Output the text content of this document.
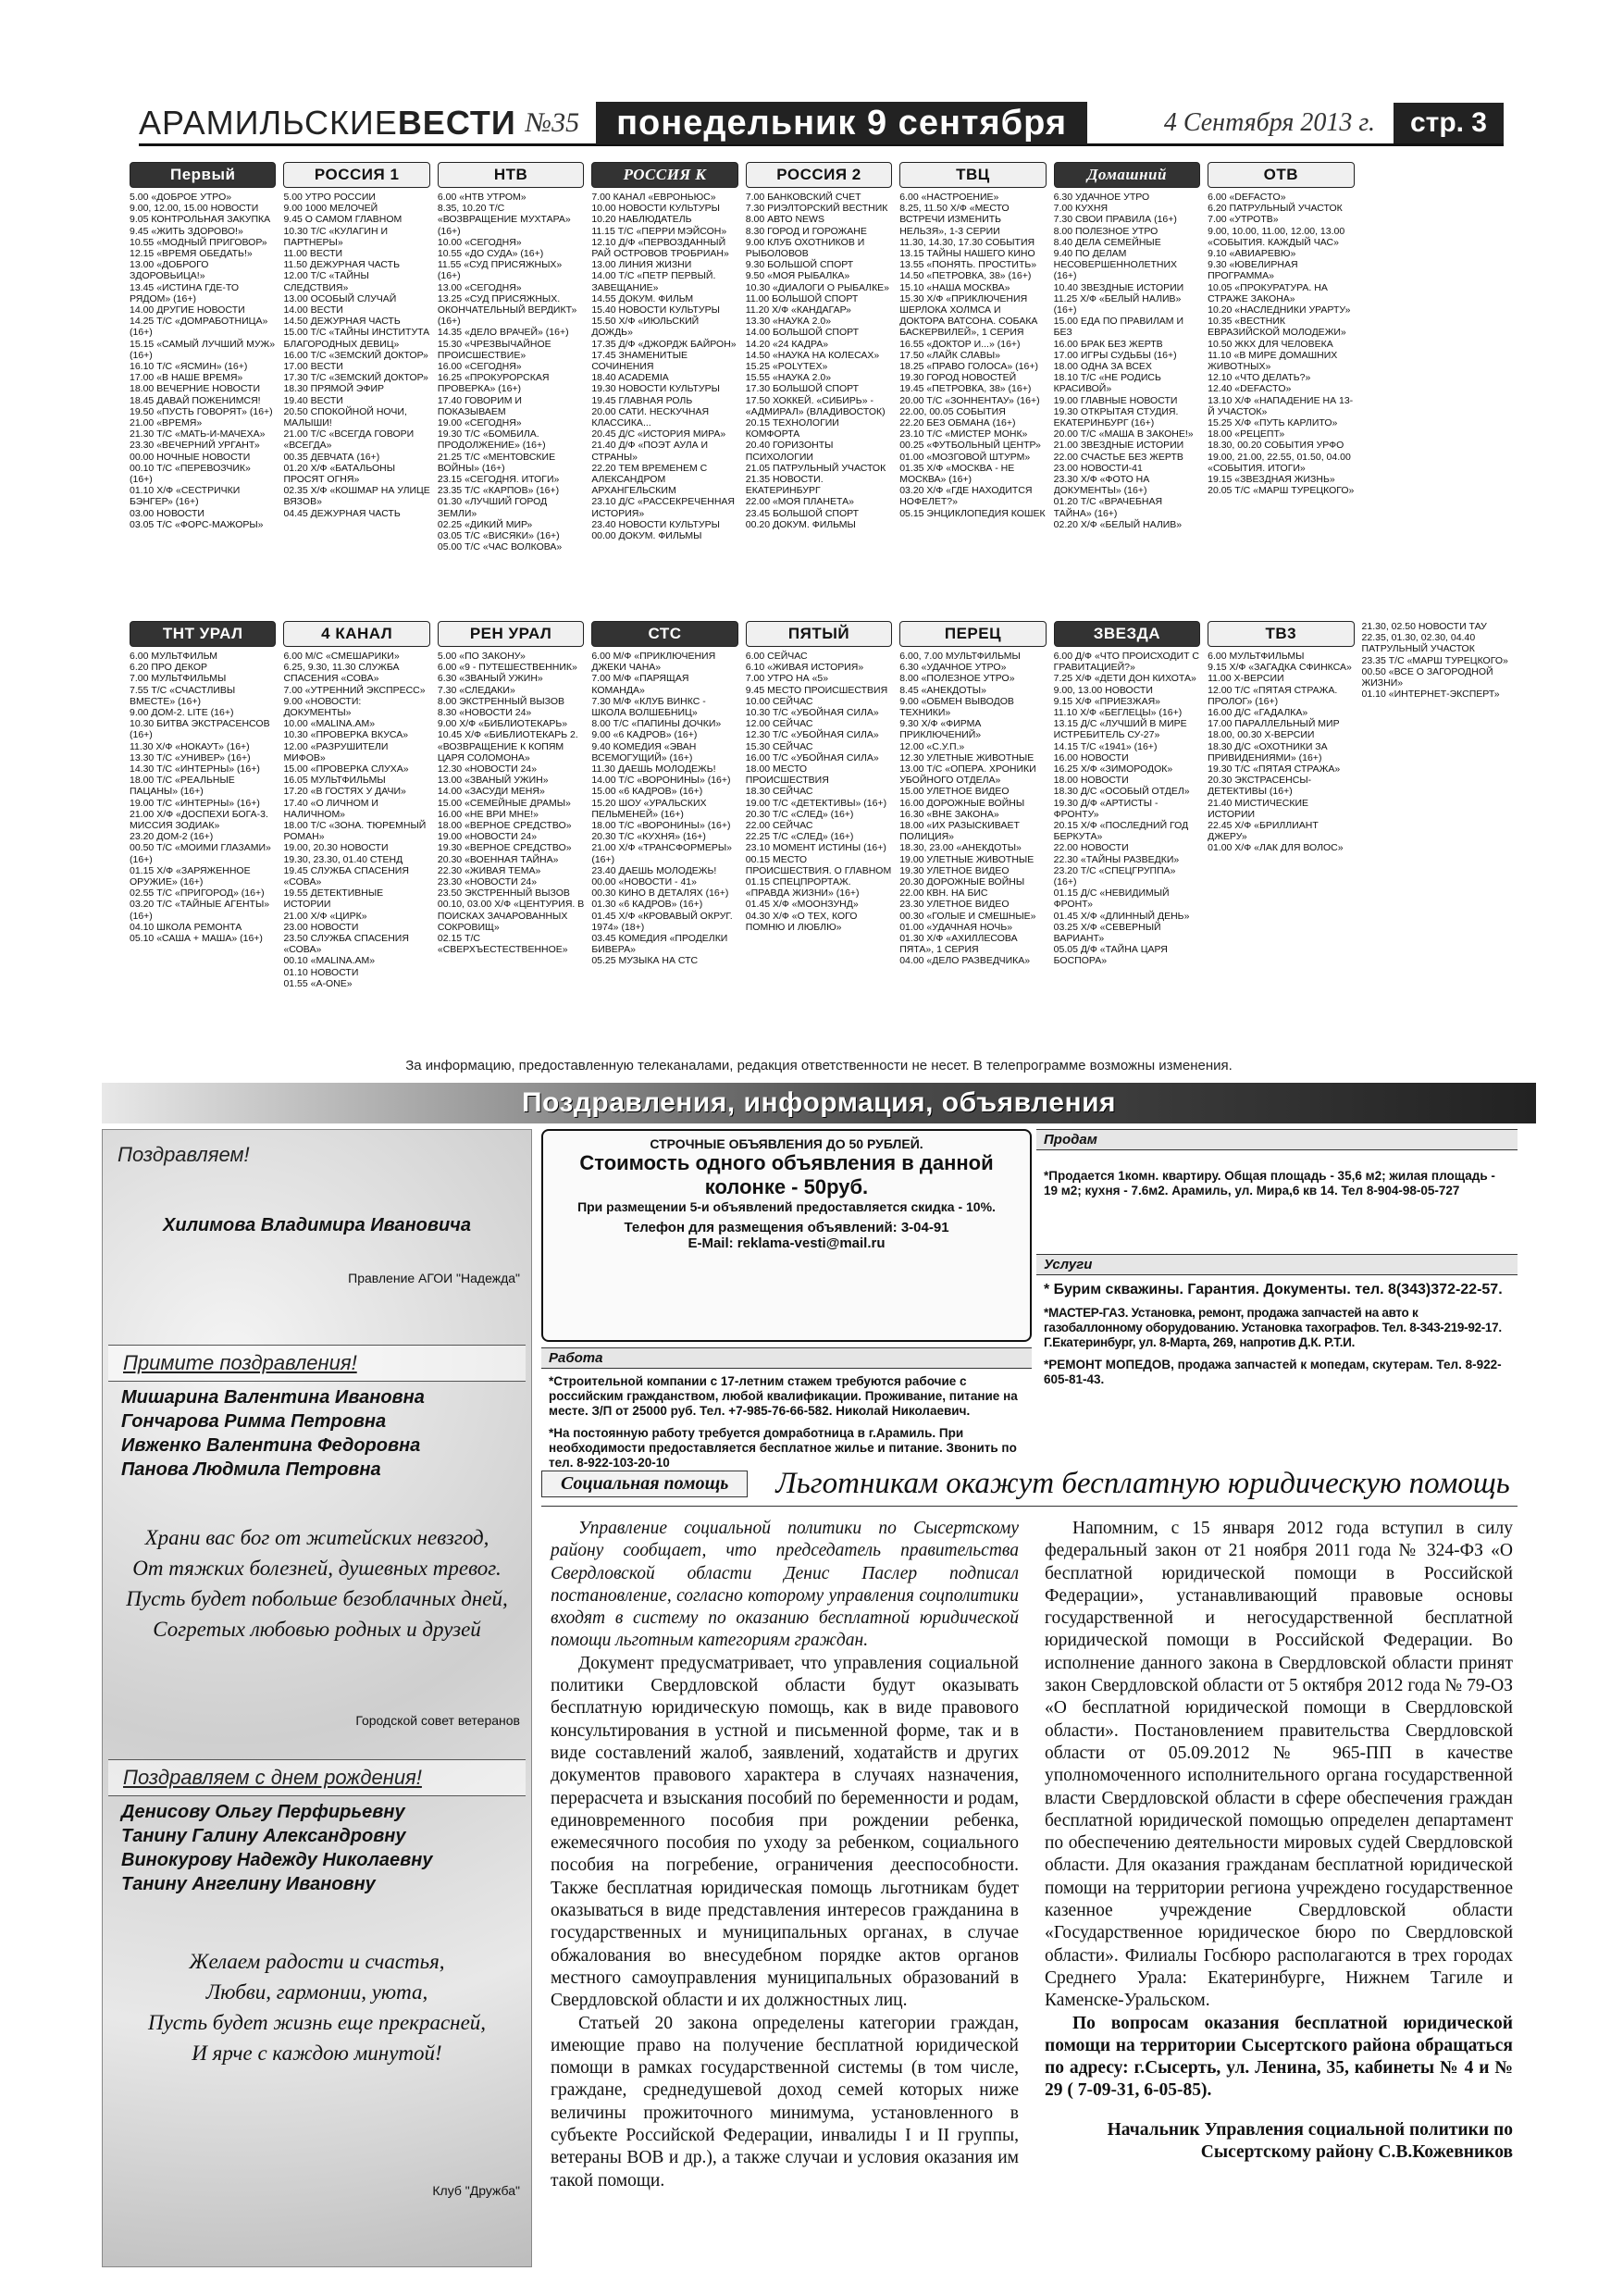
АРАМИЛЬСКИЕВЕСТИ №35	понедельник 9 сентября	4 Сентября 2013 г.	стр. 3
Первый
5.00 «ДОБРОЕ УТРО»
9.00, 12.00, 15.00 НОВОСТИ
9.05 КОНТРОЛЬНАЯ ЗАКУПКА
9.45 «ЖИТЬ ЗДОРОВО!»
10.55 «МОДНЫЙ ПРИГОВОР»
12.15 «ВРЕМЯ ОБЕДАТЬ!»
13.00 «ДОБРОГО ЗДОРОВЬИЦА!»
13.45 «ИСТИНА ГДЕ-ТО РЯДОМ» (16+)
14.00 ДРУГИЕ НОВОСТИ
14.25 Т/С «ДОМРАБОТНИЦА» (16+)
15.15 «САМЫЙ ЛУЧШИЙ МУЖ» (16+)
16.10 Т/С «ЯСМИН» (16+)
17.00 «В НАШЕ ВРЕМЯ»
18.00 ВЕЧЕРНИЕ НОВОСТИ
18.45 ДАВАЙ ПОЖЕНИМСЯ!
19.50 «ПУСТЬ ГОВОРЯТ» (16+)
21.00 «ВРЕМЯ»
21.30 Т/С «МАТЬ-И-МАЧЕХА»
23.30 «ВЕЧЕРНИЙ УРГАНТ»
00.00 НОЧНЫЕ НОВОСТИ
00.10 Т/С «ПЕРЕВОЗЧИК» (16+)
01.10 Х/Ф «СЕСТРИЧКИ БЭНГЕР» (16+)
03.00 НОВОСТИ
03.05 Т/С «ФОРС-МАЖОРЫ»
РОССИЯ 1
5.00 УТРО РОССИИ
9.00 1000 МЕЛОЧЕЙ
9.45 О САМОМ ГЛАВНОМ
10.30 Т/С «КУЛАГИН И ПАРТНЕРЫ»
11.00 ВЕСТИ
11.50 ДЕЖУРНАЯ ЧАСТЬ
12.00 Т/С «ТАЙНЫ СЛЕДСТВИЯ»
13.00 ОСОБЫЙ СЛУЧАЙ
14.00 ВЕСТИ
14.50 ДЕЖУРНАЯ ЧАСТЬ
15.00 Т/С «ТАЙНЫ ИНСТИТУТА БЛАГОРОДНЫХ ДЕВИЦ»
16.00 Т/С «ЗЕМСКИЙ ДОКТОР»
17.00 ВЕСТИ
17.30 Т/С «ЗЕМСКИЙ ДОКТОР»
18.30 ПРЯМОЙ ЭФИР
19.40 ВЕСТИ
20.50 СПОКОЙНОЙ НОЧИ, МАЛЫШИ!
21.00 Т/С «ВСЕГДА ГОВОРИ «ВСЕГДА»
00.35 ДЕВЧАТА (16+)
01.20 Х/Ф «БАТАЛЬОНЫ ПРОСЯТ ОГНЯ»
02.35 Х/Ф «КОШМАР НА УЛИЦЕ ВЯЗОВ»
04.45 ДЕЖУРНАЯ ЧАСТЬ
НТВ
6.00 «НТВ УТРОМ»
8.35, 10.20 Т/С «ВОЗВРАЩЕНИЕ МУХТАРА» (16+)
10.00 «СЕГОДНЯ»
10.55 «ДО СУДА» (16+)
11.55 «СУД ПРИСЯЖНЫХ» (16+)
13.00 «СЕГОДНЯ»
13.25 «СУД ПРИСЯЖНЫХ. ОКОНЧАТЕЛЬНЫЙ ВЕРДИКТ» (16+)
14.35 «ДЕЛО ВРАЧЕЙ» (16+)
15.30 «ЧРЕЗВЫЧАЙНОЕ ПРОИСШЕСТВИЕ»
16.00 «СЕГОДНЯ»
16.25 «ПРОКУРОРСКАЯ ПРОВЕРКА» (16+)
17.40 ГОВОРИМ И ПОКАЗЫВАЕМ
19.00 «СЕГОДНЯ»
19.30 Т/С «БОМБИЛА. ПРОДОЛЖЕНИЕ» (16+)
21.25 Т/С «МЕНТОВСКИЕ ВОЙНЫ» (16+)
23.15 «СЕГОДНЯ. ИТОГИ»
23.35 Т/С «КАРПОВ» (16+)
01.30 «ЛУЧШИЙ ГОРОД ЗЕМЛИ»
02.25 «ДИКИЙ МИР»
03.05 Т/С «ВИСЯКИ» (16+)
05.00 Т/С «ЧАС ВОЛКОВА»
РОССИЯ К
7.00 КАНАЛ «ЕВРОНЬЮС»
10.00 НОВОСТИ КУЛЬТУРЫ
10.20 НАБЛЮДАТЕЛЬ
11.15 Т/С «ПЕРРИ МЭЙСОН»
12.10 Д/Ф «ПЕРВОЗДАННЫЙ РАЙ ОСТРОВОВ ТРОБРИАН»
13.00 ЛИНИЯ ЖИЗНИ
14.00 Т/С «ПЕТР ПЕРВЫЙ. ЗАВЕЩАНИЕ»
14.55 ДОКУМ. ФИЛЬМ
15.40 НОВОСТИ КУЛЬТУРЫ
15.50 Х/Ф «ИЮЛЬСКИЙ ДОЖДЬ»
17.35 Д/Ф «ДЖОРДЖ БАЙРОН»
17.45 ЗНАМЕНИТЫЕ СОЧИНЕНИЯ
18.40 ACADEMIA
19.30 НОВОСТИ КУЛЬТУРЫ
19.45 ГЛАВНАЯ РОЛЬ
20.00 САТИ. НЕСКУЧНАЯ КЛАССИКА...
20.45 Д/С «ИСТОРИЯ МИРА»
21.40 Д/Ф «ПОЭТ АУЛА И СТРАНЫ»
22.20 ТЕМ ВРЕМЕНЕМ С АЛЕКСАНДРОМ АРХАНГЕЛЬСКИМ
23.10 Д/С «РАССЕКРЕЧЕННАЯ ИСТОРИЯ»
23.40 НОВОСТИ КУЛЬТУРЫ
00.00 ДОКУМ. ФИЛЬМЫ
РОССИЯ 2
7.00 БАНКОВСКИЙ СЧЕТ
7.30 РИЭЛТОРСКИЙ ВЕСТНИК
8.00 АВТО NEWS
8.30 ГОРОД И ГОРОЖАНЕ
9.00 КЛУБ ОХОТНИКОВ И РЫБОЛОВОВ
9.30 БОЛЬШОЙ СПОРТ
9.50 «МОЯ РЫБАЛКА»
10.30 «ДИАЛОГИ О РЫБАЛКЕ»
11.00 БОЛЬШОЙ СПОРТ
11.20 Х/Ф «КАНДАГАР»
13.30 «НАУКА 2.0»
14.00 БОЛЬШОЙ СПОРТ
14.20 «24 КАДРА»
14.50 «НАУКА НА КОЛЕСАХ»
15.25 «POLYTEX»
15.55 «НАУКА 2.0»
17.30 БОЛЬШОЙ СПОРТ
17.50 ХОККЕЙ. «СИБИРЬ» - «АДМИРАЛ» (ВЛАДИВОСТОК)
20.15 ТЕХНОЛОГИИ КОМФОРТА
20.40 ГОРИЗОНТЫ ПСИХОЛОГИИ
21.05 ПАТРУЛЬНЫЙ УЧАСТОК
21.35 НОВОСТИ. ЕКАТЕРИНБУРГ
22.00 «МОЯ ПЛАНЕТА»
23.45 БОЛЬШОЙ СПОРТ
00.20 ДОКУМ. ФИЛЬМЫ
ТВЦ
6.00 «НАСТРОЕНИЕ»
8.25, 11.50 Х/Ф «МЕСТО ВСТРЕЧИ ИЗМЕНИТЬ НЕЛЬЗЯ», 1-3 СЕРИИ
11.30, 14.30, 17.30 СОБЫТИЯ
13.15 ТАЙНЫ НАШЕГО КИНО
13.55 «ПОНЯТЬ. ПРОСТИТЬ»
14.50 «ПЕТРОВКА, 38» (16+)
15.10 «НАША МОСКВА»
15.30 Х/Ф «ПРИКЛЮЧЕНИЯ ШЕРЛОКА ХОЛМСА И ДОКТОРА ВАТСОНА. СОБАКА БАСКЕРВИЛЕЙ», 1 СЕРИЯ
16.55 «ДОКТОР И...» (16+)
17.50 «ЛАЙК СЛАВЫ»
18.25 «ПРАВО ГОЛОСА» (16+)
19.30 ГОРОД НОВОСТЕЙ
19.45 «ПЕТРОВКА, 38» (16+)
20.00 Т/С «ЗОННЕНТАУ» (16+)
22.00, 00.05 СОБЫТИЯ
22.20 БЕЗ ОБМАНА (16+)
23.10 Т/С «МИСТЕР МОНК»
00.25 «ФУТБОЛЬНЫЙ ЦЕНТР»
01.00 «МОЗГОВОЙ ШТУРМ»
01.35 Х/Ф «МОСКВА - НЕ МОСКВА» (16+)
03.20 Х/Ф «ГДЕ НАХОДИТСЯ НОФЕЛЕТ?»
05.15 ЭНЦИКЛОПЕДИЯ КОШЕК
Домашний
6.30 УДАЧНОЕ УТРО
7.00 КУХНЯ
7.30 СВОИ ПРАВИЛА (16+)
8.00 ПОЛЕЗНОЕ УТРО
8.40 ДЕЛА СЕМЕЙНЫЕ
9.40 ПО ДЕЛАМ НЕСОВЕРШЕННОЛЕТНИХ (16+)
10.40 ЗВЕЗДНЫЕ ИСТОРИИ
11.25 Х/Ф «БЕЛЫЙ НАЛИВ» (16+)
15.00 ЕДА ПО ПРАВИЛАМ И БЕЗ
16.00 БРАК БЕЗ ЖЕРТВ
17.00 ИГРЫ СУДЬБЫ (16+)
18.00 ОДНА ЗА ВСЕХ
18.10 Т/С «НЕ РОДИСЬ КРАСИВОЙ»
19.00 ГЛАВНЫЕ НОВОСТИ
19.30 ОТКРЫТАЯ СТУДИЯ. ЕКАТЕРИНБУРГ (16+)
20.00 Т/С «МАША В ЗАКОНЕ!»
21.00 ЗВЕЗДНЫЕ ИСТОРИИ
22.00 СЧАСТЬЕ БЕЗ ЖЕРТВ
23.00 НОВОСТИ-41
23.30 Х/Ф «ФОТО НА ДОКУМЕНТЫ» (16+)
01.20 Т/С «ВРАЧЕБНАЯ ТАЙНА» (16+)
02.20 Х/Ф «БЕЛЫЙ НАЛИВ»
ОТВ
6.00 «DEFACTO»
6.20 ПАТРУЛЬНЫЙ УЧАСТОК
7.00 «УТРОТВ»
9.00, 10.00, 11.00, 12.00, 13.00 «СОБЫТИЯ. КАЖДЫЙ ЧАС»
9.10 «АВИАРЕВЮ»
9.30 «ЮВЕЛИРНАЯ ПРОГРАММА»
10.05 «ПРОКУРАТУРА. НА СТРАЖЕ ЗАКОНА»
10.20 «НАСЛЕДНИКИ УРАРТУ»
10.35 «ВЕСТНИК ЕВРАЗИЙСКОЙ МОЛОДЕЖИ»
10.50 ЖКХ ДЛЯ ЧЕЛОВЕКА
11.10 «В МИРЕ ДОМАШНИХ ЖИВОТНЫХ»
12.10 «ЧТО ДЕЛАТЬ?»
12.40 «DEFACTO»
13.10 Х/Ф «НАПАДЕНИЕ НА 13-Й УЧАСТОК»
15.25 Х/Ф «ПУТЬ КАРЛИТО»
18.00 «РЕЦЕПТ»
18.30, 00.20 СОБЫТИЯ УРФО
19.00, 21.00, 22.55, 01.50, 04.00 «СОБЫТИЯ. ИТОГИ»
19.15 «ЗВЕЗДНАЯ ЖИЗНЬ»
20.05 Т/С «МАРШ ТУРЕЦКОГО»
ТНТ УРАЛ
6.00 МУЛЬТФИЛЬМ
6.20 ПРО ДЕКОР
7.00 МУЛЬТФИЛЬМЫ
7.55 Т/С «СЧАСТЛИВЫ ВМЕСТЕ» (16+)
9.00 ДОМ-2. LITE (16+)
10.30 БИТВА ЭКСТРАСЕНСОВ (16+)
11.30 Х/Ф «НОКАУТ» (16+)
13.30 Т/С «УНИВЕР» (16+)
14.30 Т/С «ИНТЕРНЫ» (16+)
18.00 Т/С «РЕАЛЬНЫЕ ПАЦАНЫ» (16+)
19.00 Т/С «ИНТЕРНЫ» (16+)
21.00 Х/Ф «ДОСПЕХИ БОГА-3. МИССИЯ ЗОДИАК»
23.20 ДОМ-2 (16+)
00.50 Т/С «МОИМИ ГЛАЗАМИ» (16+)
01.15 Х/Ф «ЗАРЯЖЕННОЕ ОРУЖИЕ» (16+)
02.55 Т/С «ПРИГОРОД» (16+)
03.20 Т/С «ТАЙНЫЕ АГЕНТЫ» (16+)
04.10 ШКОЛА РЕМОНТА
05.10 «САША + МАША» (16+)
4 КАНАЛ
6.00 М/С «СМЕШАРИКИ»
6.25, 9.30, 11.30 СЛУЖБА СПАСЕНИЯ «СОВА»
7.00 «УТРЕННИЙ ЭКСПРЕСС»
9.00 «НОВОСТИ: ДОКУМЕНТЫ»
10.00 «MALINA.AM»
10.30 «ПРОВЕРКА ВКУСА»
12.00 «РАЗРУШИТЕЛИ МИФОВ»
15.00 «ПРОВЕРКА СЛУХА»
16.05 МУЛЬТФИЛЬМЫ
17.20 «В ГОСТЯХ У ДАЧИ»
17.40 «О ЛИЧНОМ И НАЛИЧНОМ»
18.00 Т/С «ЗОНА. ТЮРЕМНЫЙ РОМАН»
19.00, 20.30 НОВОСТИ
19.30, 23.30, 01.40 СТЕНД
19.45 СЛУЖБА СПАСЕНИЯ «СОВА»
19.55 ДЕТЕКТИВНЫЕ ИСТОРИИ
21.00 Х/Ф «ЦИРК»
23.00 НОВОСТИ
23.50 СЛУЖБА СПАСЕНИЯ «СОВА»
00.10 «MALINA.AM»
01.10 НОВОСТИ
01.55 «А-ONE»
РЕН УРАЛ
5.00 «ПО ЗАКОНУ»
6.00 «9 - ПУТЕШЕСТВЕННИК»
6.30 «ЗВАНЫЙ УЖИН»
7.30 «СЛЕДАКИ»
8.00 ЭКСТРЕННЫЙ ВЫЗОВ
8.30 «НОВОСТИ 24»
9.00 Х/Ф «БИБЛИОТЕКАРЬ»
10.45 Х/Ф «БИБЛИОТЕКАРЬ 2. «ВОЗВРАЩЕНИЕ К КОПЯМ ЦАРЯ СОЛОМОНА»
12.30 «НОВОСТИ 24»
13.00 «ЗВАНЫЙ УЖИН»
14.00 «ЗАСУДИ МЕНЯ»
15.00 «СЕМЕЙНЫЕ ДРАМЫ»
16.00 «НЕ ВРИ МНЕ!»
18.00 «ВЕРНОЕ СРЕДСТВО»
19.00 «НОВОСТИ 24»
19.30 «ВЕРНОЕ СРЕДСТВО»
20.30 «ВОЕННАЯ ТАЙНА»
22.30 «ЖИВАЯ ТЕМА»
23.30 «НОВОСТИ 24»
23.50 ЭКСТРЕННЫЙ ВЫЗОВ
00.10, 03.00 Х/Ф «ЦЕНТУРИЯ. В ПОИСКАХ ЗАЧАРОВАННЫХ СОКРОВИЩ»
02.15 Т/С «СВЕРХЪЕСТЕСТВЕННОЕ»
СТС
6.00 М/Ф «ПРИКЛЮЧЕНИЯ ДЖЕКИ ЧАНА»
7.00 М/Ф «ПАРЯЩАЯ КОМАНДА»
7.30 М/Ф «КЛУБ ВИНКС - ШКОЛА ВОЛШЕБНИЦ»
8.00 Т/С «ПАПИНЫ ДОЧКИ»
9.00 «6 КАДРОВ» (16+)
9.40 КОМЕДИЯ «ЭВАН ВСЕМОГУЩИЙ» (16+)
11.30 ДАЕШЬ МОЛОДЕЖЬ!
14.00 Т/С «ВОРОНИНЫ» (16+)
15.00 «6 КАДРОВ» (16+)
15.20 ШОУ «УРАЛЬСКИХ ПЕЛЬМЕНЕЙ» (16+)
18.00 Т/С «ВОРОНИНЫ» (16+)
20.30 Т/С «КУХНЯ» (16+)
21.00 Х/Ф «ТРАНСФОРМЕРЫ» (16+)
23.40 ДАЕШЬ МОЛОДЕЖЬ!
00.00 «НОВОСТИ - 41»
00.30 КИНО В ДЕТАЛЯХ (16+)
01.30 «6 КАДРОВ» (16+)
01.45 Х/Ф «КРОВАВЫЙ ОКРУГ. 1974» (18+)
03.45 КОМЕДИЯ «ПРОДЕЛКИ БИВЕРА»
05.25 МУЗЫКА НА СТС
ПЯТЫЙ
6.00 СЕЙЧАС
6.10 «ЖИВАЯ ИСТОРИЯ»
7.00 УТРО НА «5»
9.45 МЕСТО ПРОИСШЕСТВИЯ
10.00 СЕЙЧАС
10.30 Т/С «УБОЙНАЯ СИЛА»
12.00 СЕЙЧАС
12.30 Т/С «УБОЙНАЯ СИЛА»
15.30 СЕЙЧАС
16.00 Т/С «УБОЙНАЯ СИЛА»
18.00 МЕСТО ПРОИСШЕСТВИЯ
18.30 СЕЙЧАС
19.00 Т/С «ДЕТЕКТИВЫ» (16+)
20.30 Т/С «СЛЕД» (16+)
22.00 СЕЙЧАС
22.25 Т/С «СЛЕД» (16+)
23.10 МОМЕНТ ИСТИНЫ (16+)
00.15 МЕСТО ПРОИСШЕСТВИЯ. О ГЛАВНОМ
01.15 СПЕЦПРОРТАЖ. «ПРАВДА ЖИЗНИ» (16+)
01.45 Х/Ф «МООНЗУНД»
04.30 Х/Ф «О ТЕХ, КОГО ПОМНЮ И ЛЮБЛЮ»
ПЕРЕЦ
6.00, 7.00 МУЛЬТФИЛЬМЫ
6.30 «УДАЧНОЕ УТРО»
8.00 «ПОЛЕЗНОЕ УТРО»
8.45 «АНЕКДОТЫ»
9.00 «ОБМЕН ВЫВОДОВ ТЕХНИКИ»
9.30 Х/Ф «ФИРМА ПРИКЛЮЧЕНИЙ»
12.00 «С.У.П.»
12.30 УЛЕТНЫЕ ЖИВОТНЫЕ
13.00 Т/С «ОПЕРА. ХРОНИКИ УБОЙНОГО ОТДЕЛА»
15.00 УЛЕТНОЕ ВИДЕО
16.00 ДОРОЖНЫЕ ВОЙНЫ
16.30 «ВНЕ ЗАКОНА»
18.00 «ИХ РАЗЫСКИВАЕТ ПОЛИЦИЯ»
18.30, 23.00 «АНЕКДОТЫ»
19.00 УЛЕТНЫЕ ЖИВОТНЫЕ
19.30 УЛЕТНОЕ ВИДЕО
20.30 ДОРОЖНЫЕ ВОЙНЫ
22.00 КВН. НА БИС
23.30 УЛЕТНОЕ ВИДЕО
00.30 «ГОЛЫЕ И СМЕШНЫЕ»
01.00 «УДАЧНАЯ НОЧЬ»
01.30 Х/Ф «АХИЛЛЕСОВА ПЯТА», 1 СЕРИЯ
04.00 «ДЕЛО РАЗВЕДЧИКА»
ЗВЕЗДА
6.00 Д/Ф «ЧТО ПРОИСХОДИТ С ГРАВИТАЦИЕЙ?»
7.25 Х/Ф «ДЕТИ ДОН КИХОТА»
9.00, 13.00 НОВОСТИ
9.15 Х/Ф «ПРИЕЗЖАЯ»
11.10 Х/Ф «БЕГЛЕЦЫ» (16+)
13.15 Д/С «ЛУЧШИЙ В МИРЕ ИСТРЕБИТЕЛЬ СУ-27»
14.15 Т/С «1941» (16+)
16.00 НОВОСТИ
16.25 Х/Ф «ЗИМОРОДОК»
18.00 НОВОСТИ
18.30 Д/С «ОСОБЫЙ ОТДЕЛ»
19.30 Д/Ф «АРТИСТЫ - ФРОНТУ»
20.15 Х/Ф «ПОСЛЕДНИЙ ГОД БЕРКУТА»
22.00 НОВОСТИ
22.30 «ТАЙНЫ РАЗВЕДКИ»
23.20 Т/С «СПЕЦГРУППА» (16+)
01.15 Д/С «НЕВИДИМЫЙ ФРОНТ»
01.45 Х/Ф «ДЛИННЫЙ ДЕНЬ»
03.25 Х/Ф «СЕВЕРНЫЙ ВАРИАНТ»
05.05 Д/Ф «ТАЙНА ЦАРЯ БОСПОРА»
ТВ3
6.00 МУЛЬТФИЛЬМЫ
9.15 Х/Ф «ЗАГАДКА СФИНКСА»
11.00 Х-ВЕРСИИ
12.00 Т/С «ПЯТАЯ СТРАЖА. ПРОЛОГ» (16+)
16.00 Д/С «ГАДАЛКА»
17.00 ПАРАЛЛЕЛЬНЫЙ МИР
18.00, 00.30 Х-ВЕРСИИ
18.30 Д/С «ОХОТНИКИ ЗА ПРИВИДЕНИЯМИ» (16+)
19.30 Т/С «ПЯТАЯ СТРАЖА»
20.30 ЭКСТРАСЕНСЫ-ДЕТЕКТИВЫ (16+)
21.40 МИСТИЧЕСКИЕ ИСТОРИИ
22.45 Х/Ф «БРИЛЛИАНТ ДЖЕРУ»
01.00 Х/Ф «ЛАК ДЛЯ ВОЛОС»
21.30, 02.50 НОВОСТИ ТАУ
22.35, 01.30, 02.30, 04.40 ПАТРУЛЬНЫЙ УЧАСТОК
23.35 Т/С «МАРШ ТУРЕЦКОГО»
00.50 «ВСЕ О ЗАГОРОДНОЙ ЖИЗНИ»
01.10 «ИНТЕРНЕТ-ЭКСПЕРТ»
За информацию, предоставленную телеканалами, редакция ответственности не несет. В телепрограмме возможны изменения.
Поздравления, информация, объявления
Поздравляем!
Хилимова Владимира Ивановича
Правление АГОИ "Надежда"
Примите поздравления!
Мишарина Валентина Ивановна
Гончарова Римма Петровна
Ивженко Валентина Федоровна
Панова Людмила Петровна
Храни вас бог от житейских невзгод,
От тяжких болезней, душевных тревог.
Пусть будет побольше безоблачных дней,
Согретых любовью родных и друзей
Городской совет ветеранов
Поздравляем с днем рождения!
Денисову Ольгу Перфирьевну
Танину Галину Александровну
Винокурову Надежду Николаевну
Танину Ангелину Ивановну
Желаем радости и счастья,
Любви, гармонии, уюта,
Пусть будет жизнь еще прекрасней,
И ярче с каждою минутой!
Клуб "Дружба"
СТРОЧНЫЕ ОБЪЯВЛЕНИЯ ДО 50 РУБЛЕЙ.
Стоимость одного объявления в данной колонке - 50руб.
При размещении 5-и объявлений предоставляется скидка - 10%.
Телефон для размещения объявлений: 3-04-91
E-Mail: reklama-vesti@mail.ru
Работа
*Строительной компании с 17-летним стажем требуются рабочие с российским гражданством, любой квалификации. Проживание, питание на месте. З/П от 25000 руб. Тел. +7-985-76-66-582. Николай Николаевич.
*На постоянную работу требуется домработница в г.Арамиль. При необходимости предоставляется бесплатное жилье и питание. Звонить по тел. 8-922-103-20-10
Продам
*Продается 1комн. квартиру. Общая площадь - 35,6 м2; жилая площадь - 19 м2; кухня - 7.6м2. Арамиль, ул. Мира,6 кв 14. Тел 8-904-98-05-727
Услуги
* Бурим скважины. Гарантия. Документы. тел. 8(343)372-22-57.
*МАСТЕР-ГАЗ. Установка, ремонт, продажа запчастей на авто к газобаллонному оборудованию. Установка тахографов. Тел. 8-343-219-92-17. Г.Екатеринбург, ул. 8-Марта, 269, напротив Д.К. Р.Т.И.
*РЕМОНТ МОПЕДОВ, продажа запчастей к мопедам, скутерам. Тел. 8-922-605-81-43.
Социальная помощь	Льготникам окажут бесплатную юридическую помощь

Управление социальной политики по Сысертскому району сообщает, что председатель правительства Свердловской области Денис Паслер подписал постановление, согласно которому управления соцполитики входят в систему по оказанию бесплатной юридической помощи льготным категориям граждан.

Документ предусматривает, что управления социальной политики Свердловской области будут оказывать бесплатную юридическую помощь, как в виде правового консультирования в устной и письменной форме, так и в виде составлений жалоб, заявлений, ходатайств и других документов правового характера в случаях назначения, перерасчета и взыскания пособий по беременности и родам, единовременного пособия при рождении ребенка, ежемесячного пособия по уходу за ребенком, социального пособия на погребение, ограничения дееспособности. Также бесплатная юридическая помощь льготникам будет оказываться в виде представления интересов гражданина в государственных и муниципальных органах, в случае обжалования во внесудебном порядке актов органов местного самоуправления муниципальных образований в Свердловской области и их должностных лиц.

Статьей 20 закона определены категории граждан, имеющие право на получение бесплатной юридической помощи в рамках государственной системы (в том числе, граждане, среднедушевой доход семей которых ниже величины прожиточного минимума, установленного в субъекте Российской Федерации, инвалиды I и II группы, ветераны ВОВ и др.), а также случаи и условия оказания им такой помощи.

Напомним, с 15 января 2012 года вступил в силу федеральный закон от 21 ноября 2011 года № 324-ФЗ «О бесплатной юридической помощи в Российской Федерации», устанавливающий правовые основы государственной и негосударственной бесплатной юридической помощи в Российской Федерации. Во исполнение данного закона в Свердловской области принят закон Свердловской области от 5 октября 2012 года № 79-ОЗ «О бесплатной юридической помощи в Свердловской области». Постановлением правительства Свердловской области от 05.09.2012 № 965-ПП в качестве уполномоченного исполнительного органа государственной власти Свердловской области в сфере обеспечения граждан бесплатной юридической помощью определен департамент по обеспечению деятельности мировых судей Свердловской области. Для оказания гражданам бесплатной юридической помощи на территории региона учреждено государственное казенное учреждение Свердловской области «Государственное юридическое бюро по Свердловской области». Филиалы Госбюро располагаются в трех городах Среднего Урала: Екатеринбурге, Нижнем Тагиле и Каменске-Уральском.

По вопросам оказания бесплатной юридической помощи на территории Сысертского района обращаться по адресу: г.Сысерть, ул. Ленина, 35, кабинеты № 4 и № 29 ( 7-09-31, 6-05-85).

Начальник Управления социальной политики по Сысертскому району С.В.Кожевников
